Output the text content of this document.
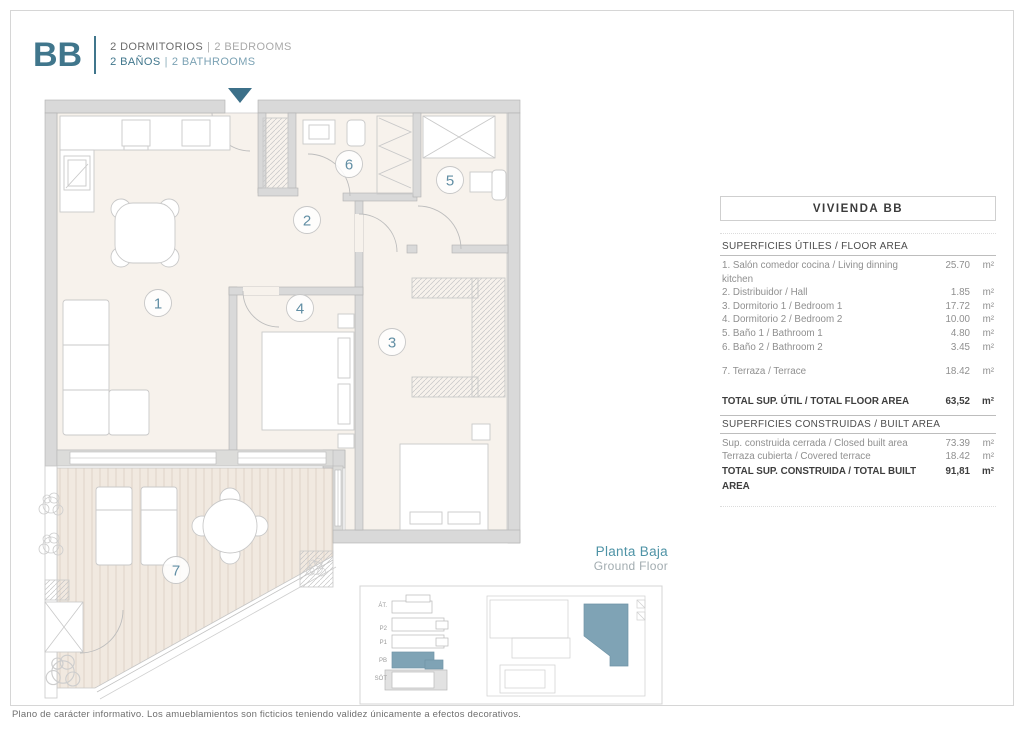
1
2
3
4
5
6
7
ÁT.
P2
P1
PB
SÓT
BB	2 DORMITORIOS | 2 BEDROOMS
2 BAÑOS | 2 BATHROOMS
VIVIENDA BB
SUPERFICIES ÚTILES / FLOOR AREA
1. Salón comedor cocina / Living dinning kitchen
25.70	m²
2. Distribuidor / Hall	1.85	m²
3. Dormitorio 1 / Bedroom 1	17.72	m²
4. Dormitorio 2 / Bedroom 2	10.00	m²
5. Baño 1 / Bathroom 1	4.80	m²
6. Baño 2 / Bathroom 2	3.45	m²
7. Terraza / Terrace	18.42	m²
TOTAL SUP. ÚTIL / TOTAL FLOOR AREA	63,52	m²
SUPERFICIES CONSTRUIDAS / BUILT AREA
Sup. construida cerrada / Closed built area	73.39	m²
Terraza cubierta / Covered terrace	18.42	m²
TOTAL SUP. CONSTRUIDA / TOTAL BUILT AREA
91,81	m²
Planta Baja
Ground Floor
Plano de carácter informativo. Los amueblamientos son ficticios teniendo validez únicamente a efectos decorativos.
